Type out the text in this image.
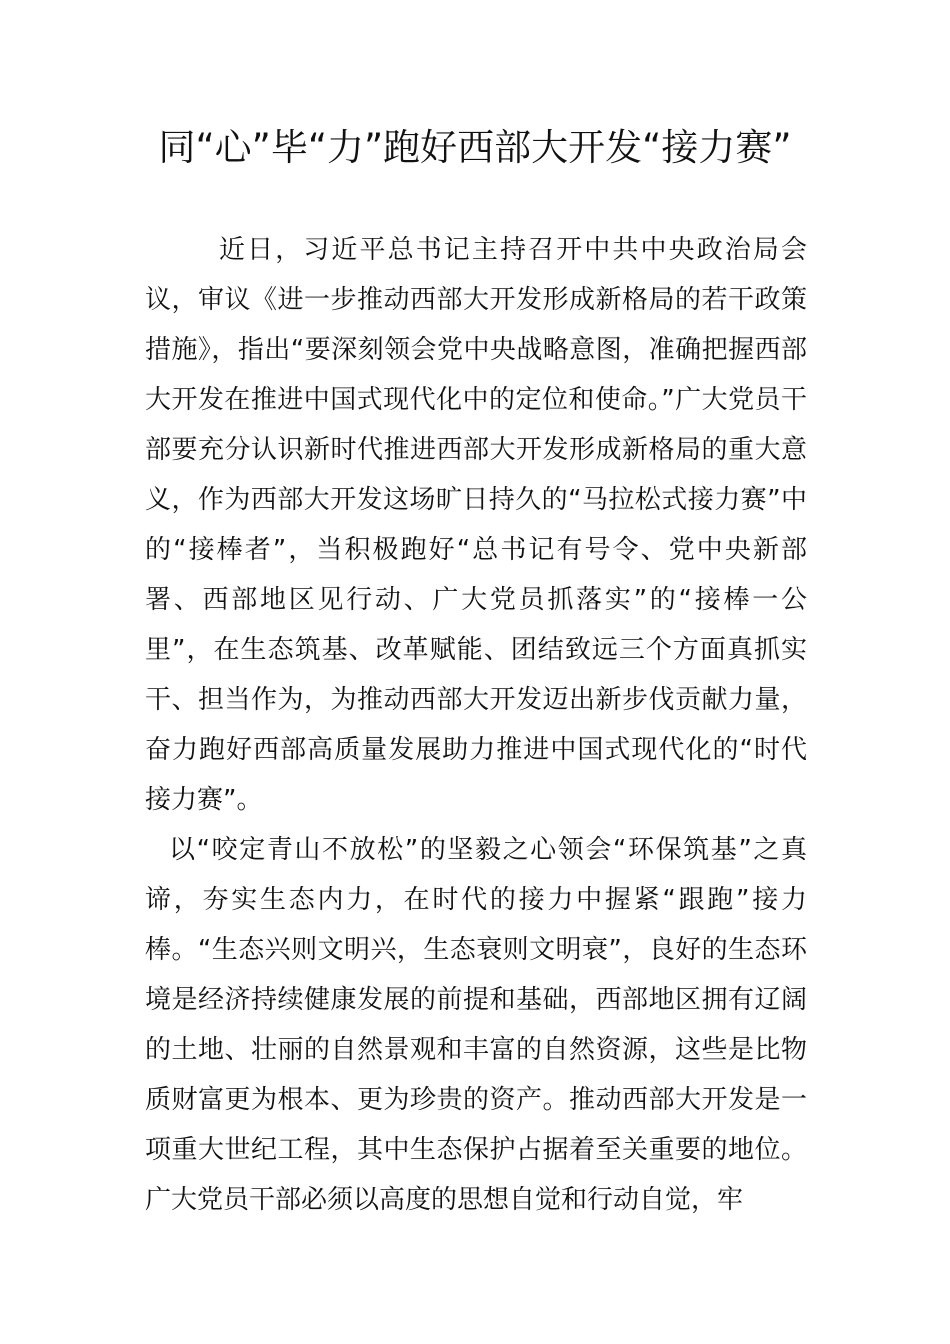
同“心”毕“力”跑好西部大开发“接力赛”

近日，习近平总书记主持召开中共中央政治局会议，审议《进一步推动西部大开发形成新格局的若干政策措施》，指出“要深刻领会党中央战略意图，准确把握西部大开发在推进中国式现代化中的定位和使命。”广大党员干部要充分认识新时代推进西部大开发形成新格局的重大意义，作为西部大开发这场旷日持久的“马拉松式接力赛”中的“接棒者”，当积极跑好“总书记有号令、党中央新部署、西部地区见行动、广大党员抓落实”的“接棒一公里”，在生态筑基、改革赋能、团结致远三个方面真抓实干、担当作为，为推动西部大开发迈出新步伐贡献力量，奋力跑好西部高质量发展助力推进中国式现代化的“时代接力赛”。

以“咬定青山不放松”的坚毅之心领会“环保筑基”之真谛，夯实生态内力，在时代的接力中握紧“跟跑”接力棒。“生态兴则文明兴，生态衰则文明衰”，良好的生态环境是经济持续健康发展的前提和基础，西部地区拥有辽阔的土地、壮丽的自然景观和丰富的自然资源，这些是比物质财富更为根本、更为珍贵的资产。推动西部大开发是一项重大世纪工程，其中生态保护占据着至关重要的地位。广大党员干部必须以高度的思想自觉和行动自觉，牢
